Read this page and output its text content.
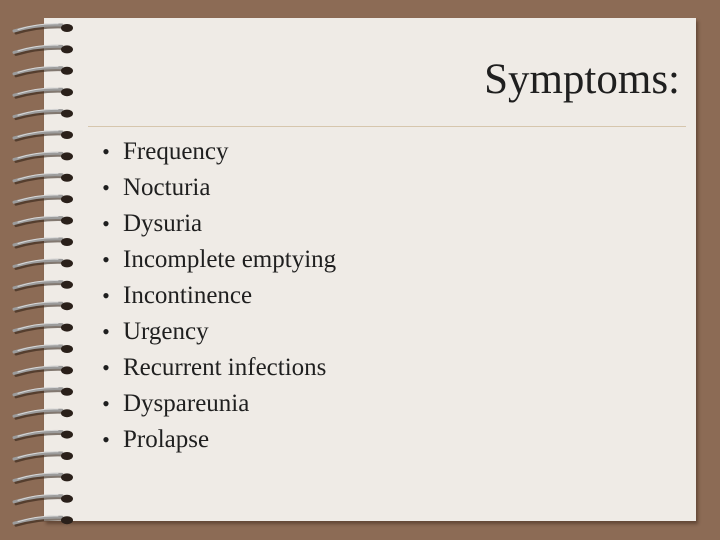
Symptoms:
• Frequency
• Nocturia
• Dysuria
• Incomplete emptying
• Incontinence
• Urgency
• Recurrent infections
• Dyspareunia
• Prolapse
